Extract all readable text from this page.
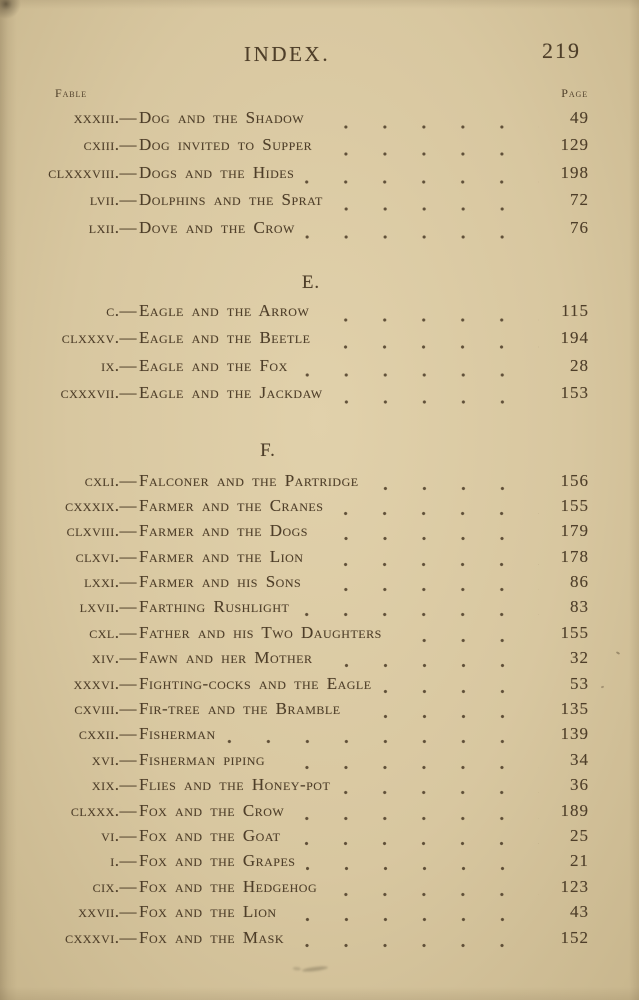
INDEX.	219
Fable	Page
xxxiii.— Dog and the Shadow	49
cxiii.— Dog invited to Supper	129
clxxxviii.— Dogs and the Hides	198
lvii.— Dolphins and the Sprat	72
lxii.— Dove and the Crow	76
E.
c.— Eagle and the Arrow	115
clxxxv.— Eagle and the Beetle	194
ix.— Eagle and the Fox	28
cxxxvii.— Eagle and the Jackdaw	153
F.
cxli.— Falconer and the Partridge	156
cxxxix.— Farmer and the Cranes	155
clxviii.— Farmer and the Dogs	179
clxvi.— Farmer and the Lion	178
lxxi.— Farmer and his Sons	86
lxvii.— Farthing Rushlight	83
cxl.— Father and his Two Daughters	155
xiv.— Fawn and her Mother	32
xxxvi.— Fighting-cocks and the Eagle	53
cxviii.— Fir-tree and the Bramble	135
cxxii.— Fisherman	139
xvi.— Fisherman piping	34
xix.— Flies and the Honey-pot	36
clxxx.— Fox and the Crow	189
vi.— Fox and the Goat	25
i.— Fox and the Grapes	21
cix.— Fox and the Hedgehog	123
xxvii.— Fox and the Lion	43
cxxxvi.— Fox and the Mask	152
